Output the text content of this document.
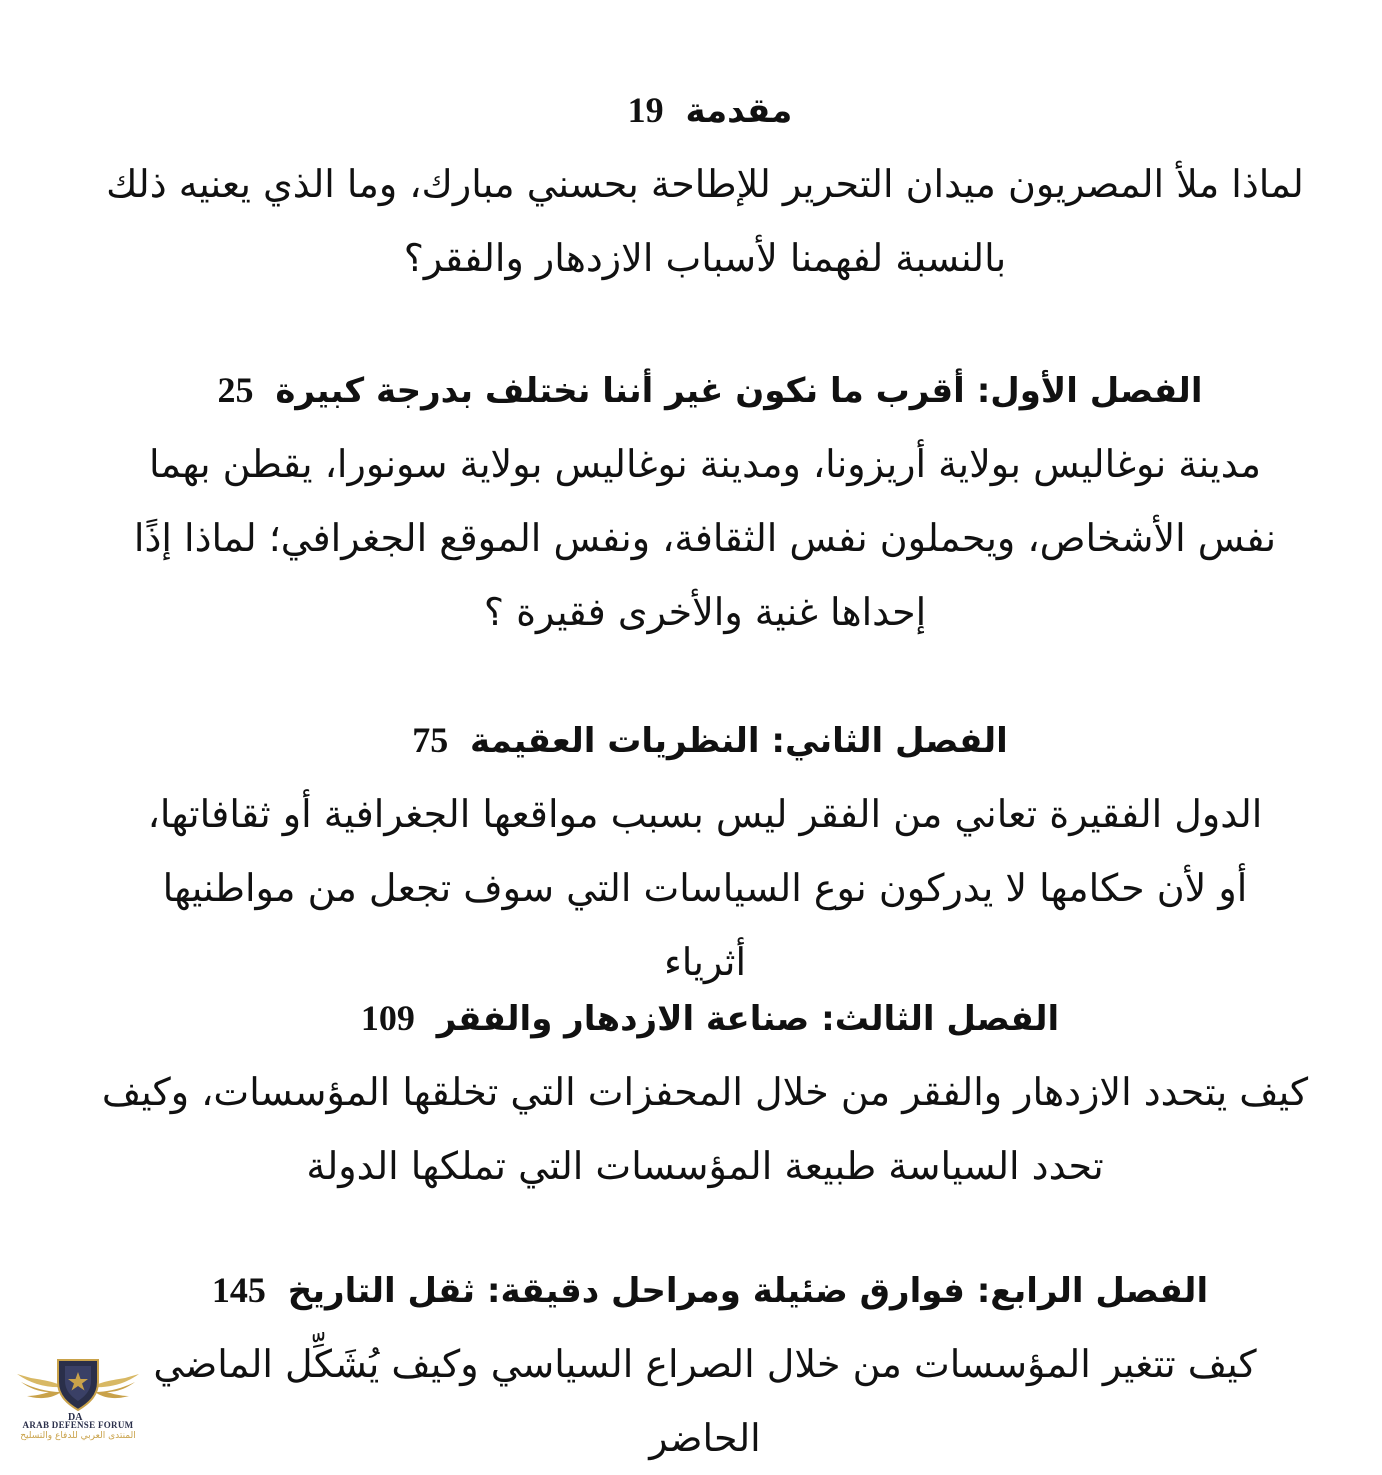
مقدمة 19

لماذا ملأ المصريون ميدان التحرير للإطاحة بحسني مبارك، وما الذي يعنيه ذلك بالنسبة لفهمنا لأسباب الازدهار والفقر؟

الفصل الأول: أقرب ما نكون غير أننا نختلف بدرجة كبيرة 25

مدينة نوغاليس بولاية أريزونا، ومدينة نوغاليس بولاية سونورا، يقطن بهما نفس الأشخاص، ويحملون نفس الثقافة، ونفس الموقع الجغرافي؛ لماذا إذًا إحداها غنية والأخرى فقيرة ؟

الفصل الثاني: النظريات العقيمة 75

الدول الفقيرة تعاني من الفقر ليس بسبب مواقعها الجغرافية أو ثقافاتها، أو لأن حكامها لا يدركون نوع السياسات التي سوف تجعل من مواطنيها أثرياء

الفصل الثالث: صناعة الازدهار والفقر 109

كيف يتحدد الازدهار والفقر من خلال المحفزات التي تخلقها المؤسسات، وكيف تحدد السياسة طبيعة المؤسسات التي تملكها الدولة

الفصل الرابع: فوارق ضئيلة ومراحل دقيقة: ثقل التاريخ 145

كيف تتغير المؤسسات من خلال الصراع السياسي وكيف يُشَكِّل الماضي الحاضر

ARAB DEFENSE FORUM
المنتدى العربي للدفاع والتسليح
DA
